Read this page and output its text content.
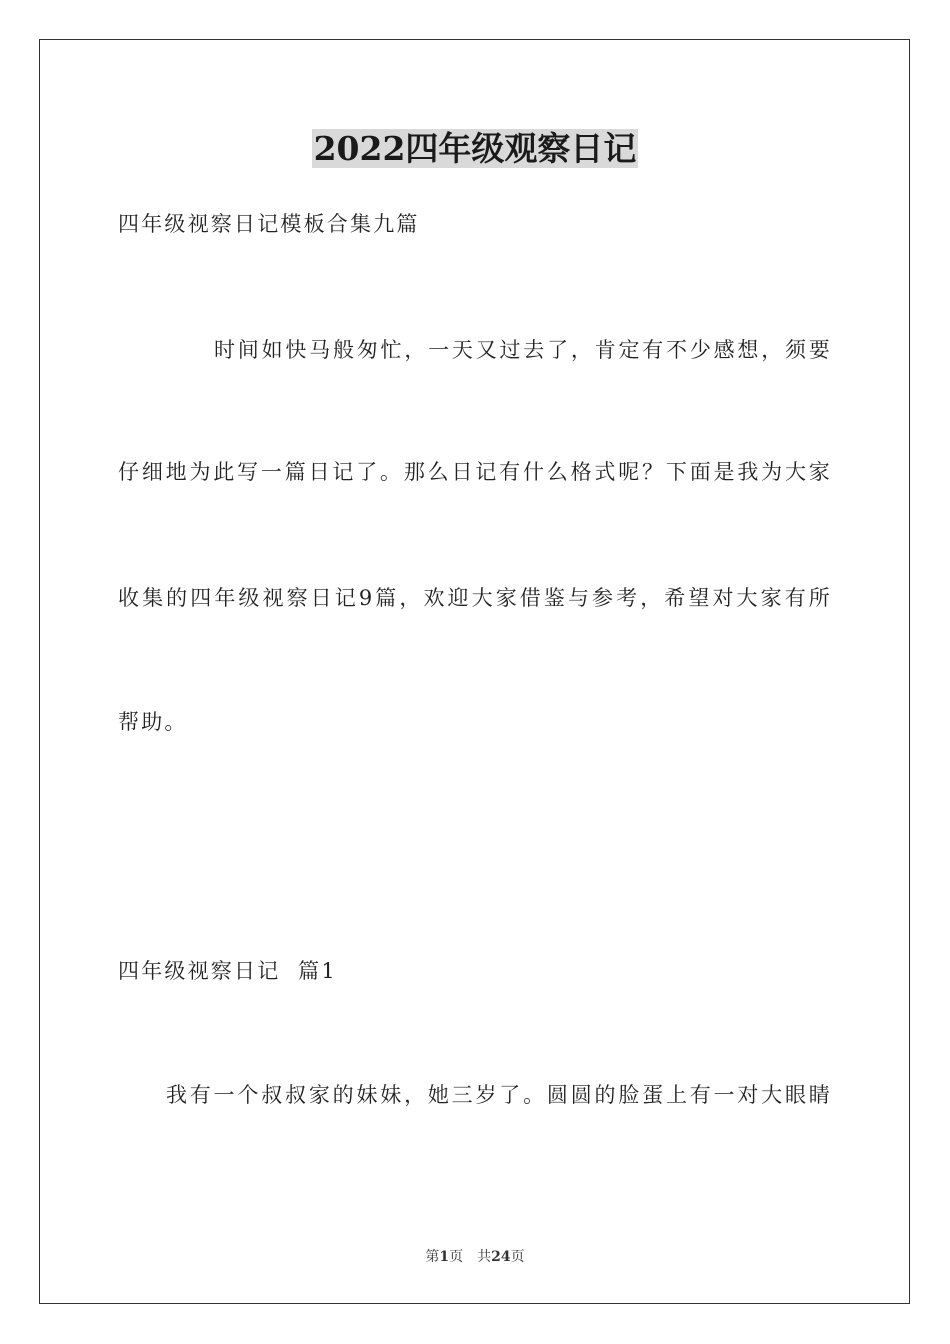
2022四年级观察日记
四年级视察日记模板合集九篇
时间如快马般匆忙，一天又过去了，肯定有不少感想，须要
仔细地为此写一篇日记了。那么日记有什么格式呢？下面是我为大家
收集的四年级视察日记9篇，欢迎大家借鉴与参考，希望对大家有所
帮助。
四年级视察日记  篇1
我有一个叔叔家的妹妹，她三岁了。圆圆的脸蛋上有一对大眼睛
第1页 共24页
